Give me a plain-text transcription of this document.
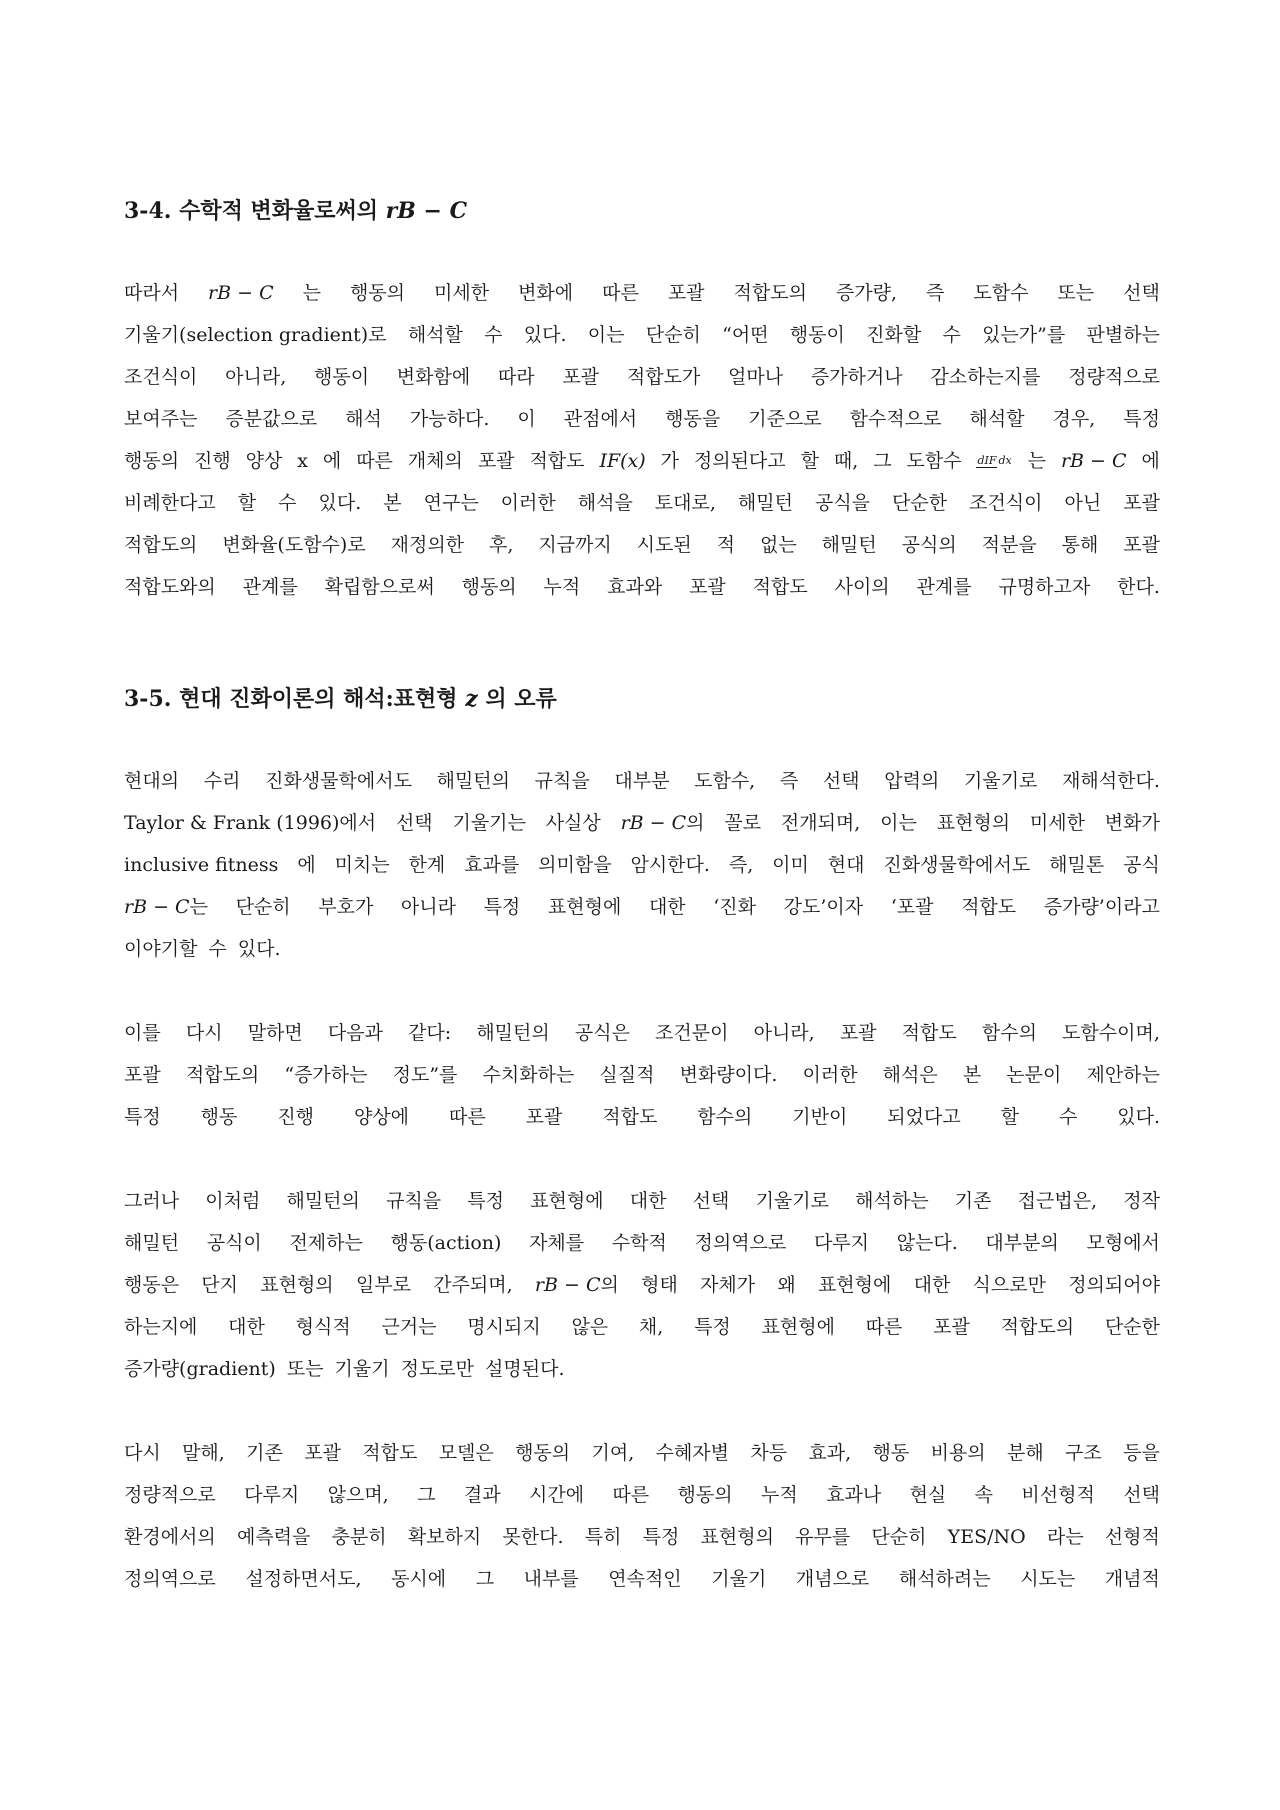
3-4. 수학적 변화율로써의 rB − C
따라서 rB − C 는 행동의 미세한 변화에 따른 포괄 적합도의 증가량, 즉 도함수 또는 선택
기울기(selection gradient)로 해석할 수 있다. 이는 단순히 “어떤 행동이 진화할 수 있는가”를 판별하는
조건식이 아니라, 행동이 변화함에 따라 포괄 적합도가 얼마나 증가하거나 감소하는지를 정량적으로
보여주는 증분값으로 해석 가능하다. 이 관점에서 행동을 기준으로 함수적으로 해석할 경우, 특정
행동의 진행 양상 x 에 따른 개체의 포괄 적합도 IF(x) 가 정의된다고 할 때, 그 도함수 dIF dx 는 rB − C 에
비례한다고 할 수 있다. 본 연구는 이러한 해석을 토대로, 해밀턴 공식을 단순한 조건식이 아닌 포괄
적합도의 변화율(도함수)로 재정의한 후, 지금까지 시도된 적 없는 해밀턴 공식의 적분을 통해 포괄
적합도와의 관계를 확립함으로써 행동의 누적 효과와 포괄 적합도 사이의 관계를 규명하고자 한다.
3-5. 현대 진화이론의 해석:표현형 z 의 오류
현대의 수리 진화생물학에서도 해밀턴의 규칙을 대부분 도함수, 즉 선택 압력의 기울기로 재해석한다.
Taylor & Frank (1996)에서 선택 기울기는 사실상 rB − C의 꼴로 전개되며, 이는 표현형의 미세한 변화가
inclusive fitness 에 미치는 한계 효과를 의미함을 암시한다. 즉, 이미 현대 진화생물학에서도 해밀톤 공식
rB − C는 단순히 부호가 아니라 특정 표현형에 대한 ‘진화 강도’이자 ‘포괄 적합도 증가량’이라고
이야기할 수 있다.
이를 다시 말하면 다음과 같다: 해밀턴의 공식은 조건문이 아니라, 포괄 적합도 함수의 도함수이며,
포괄 적합도의 “증가하는 정도”를 수치화하는 실질적 변화량이다. 이러한 해석은 본 논문이 제안하는
특정 행동 진행 양상에 따른 포괄 적합도 함수의 기반이 되었다고 할 수 있다.
그러나 이처럼 해밀턴의 규칙을 특정 표현형에 대한 선택 기울기로 해석하는 기존 접근법은, 정작
해밀턴 공식이 전제하는 행동(action) 자체를 수학적 정의역으로 다루지 않는다. 대부분의 모형에서
행동은 단지 표현형의 일부로 간주되며, rB − C의 형태 자체가 왜 표현형에 대한 식으로만 정의되어야
하는지에 대한 형식적 근거는 명시되지 않은 채, 특정 표현형에 따른 포괄 적합도의 단순한
증가량(gradient) 또는 기울기 정도로만 설명된다.
다시 말해, 기존 포괄 적합도 모델은 행동의 기여, 수혜자별 차등 효과, 행동 비용의 분해 구조 등을
정량적으로 다루지 않으며, 그 결과 시간에 따른 행동의 누적 효과나 현실 속 비선형적 선택
환경에서의 예측력을 충분히 확보하지 못한다. 특히 특정 표현형의 유무를 단순히 YES/NO 라는 선형적
정의역으로 설정하면서도, 동시에 그 내부를 연속적인 기울기 개념으로 해석하려는 시도는 개념적
